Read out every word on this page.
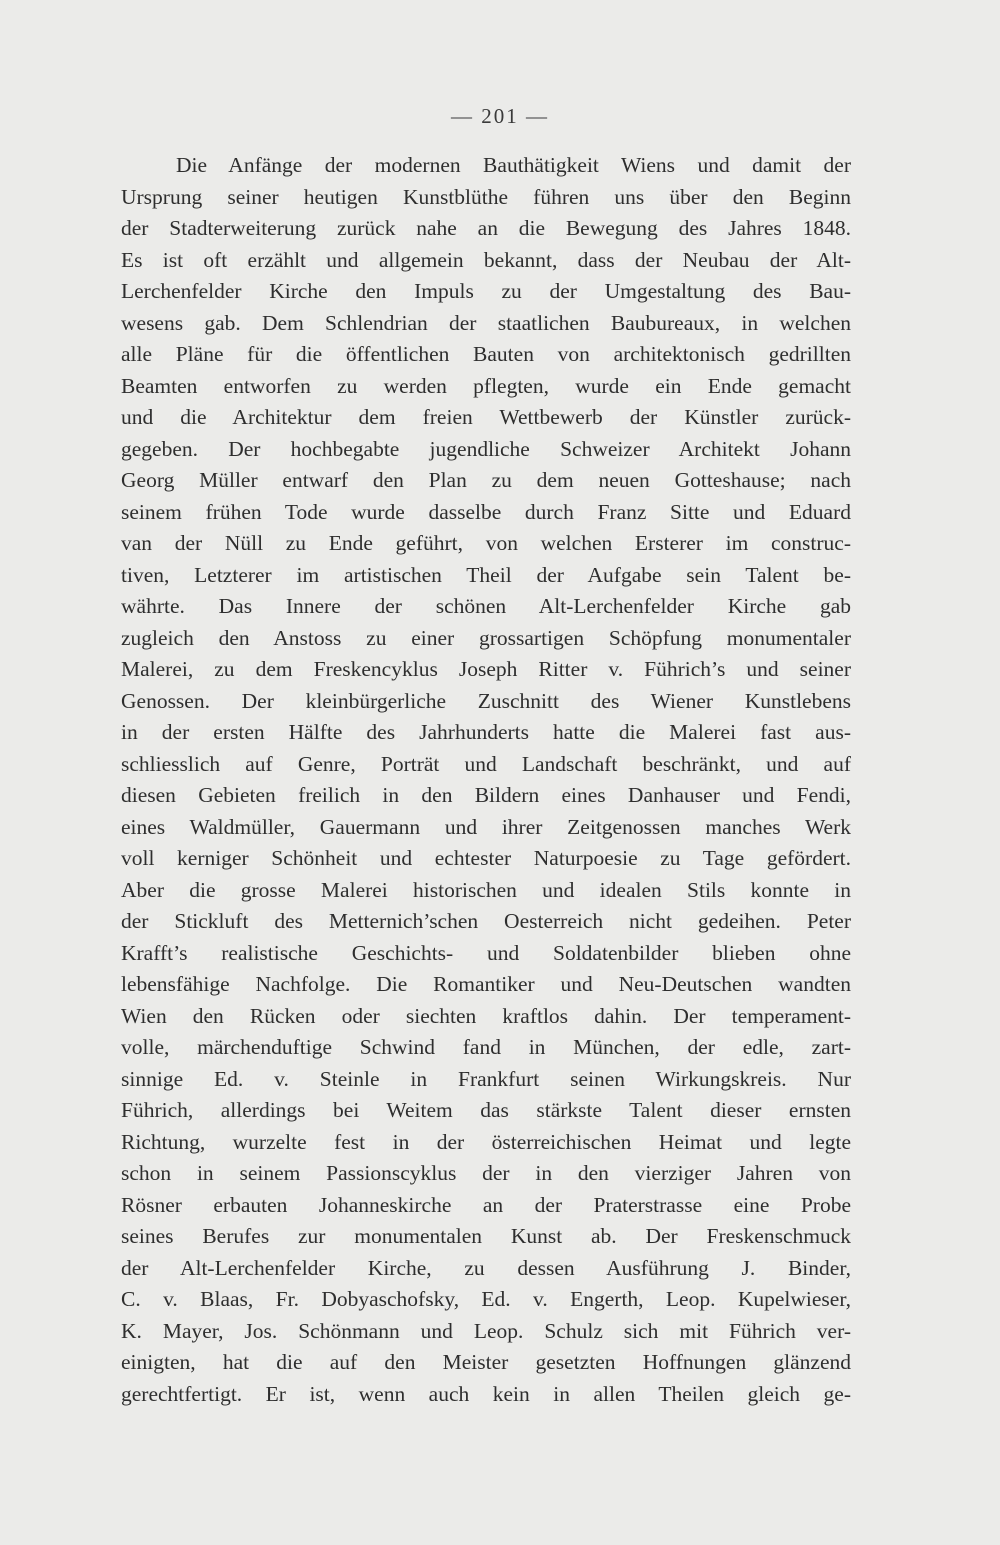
— 201 —
Die Anfänge der modernen Bauthätigkeit Wiens und damit der
Ursprung seiner heutigen Kunstblüthe führen uns über den Beginn
der Stadterweiterung zurück nahe an die Bewegung des Jahres 1848.
Es ist oft erzählt und allgemein bekannt, dass der Neubau der Alt-
Lerchenfelder Kirche den Impuls zu der Umgestaltung des Bau-
wesens gab. Dem Schlendrian der staatlichen Baubureaux, in welchen
alle Pläne für die öffentlichen Bauten von architektonisch gedrillten
Beamten entworfen zu werden pflegten, wurde ein Ende gemacht
und die Architektur dem freien Wettbewerb der Künstler zurück-
gegeben. Der hochbegabte jugendliche Schweizer Architekt Johann
Georg Müller entwarf den Plan zu dem neuen Gotteshause; nach
seinem frühen Tode wurde dasselbe durch Franz Sitte und Eduard
van der Nüll zu Ende geführt, von welchen Ersterer im construc-
tiven, Letzterer im artistischen Theil der Aufgabe sein Talent be-
währte. Das Innere der schönen Alt-Lerchenfelder Kirche gab
zugleich den Anstoss zu einer grossartigen Schöpfung monumentaler
Malerei, zu dem Freskencyklus Joseph Ritter v. Führich’s und seiner
Genossen. Der kleinbürgerliche Zuschnitt des Wiener Kunstlebens
in der ersten Hälfte des Jahrhunderts hatte die Malerei fast aus-
schliesslich auf Genre, Porträt und Landschaft beschränkt, und auf
diesen Gebieten freilich in den Bildern eines Danhauser und Fendi,
eines Waldmüller, Gauermann und ihrer Zeitgenossen manches Werk
voll kerniger Schönheit und echtester Naturpoesie zu Tage gefördert.
Aber die grosse Malerei historischen und idealen Stils konnte in
der Stickluft des Metternich’schen Oesterreich nicht gedeihen. Peter
Krafft’s realistische Geschichts- und Soldatenbilder blieben ohne
lebensfähige Nachfolge. Die Romantiker und Neu-Deutschen wandten
Wien den Rücken oder siechten kraftlos dahin. Der temperament-
volle, märchenduftige Schwind fand in München, der edle, zart-
sinnige Ed. v. Steinle in Frankfurt seinen Wirkungskreis. Nur
Führich, allerdings bei Weitem das stärkste Talent dieser ernsten
Richtung, wurzelte fest in der österreichischen Heimat und legte
schon in seinem Passionscyklus der in den vierziger Jahren von
Rösner erbauten Johanneskirche an der Praterstrasse eine Probe
seines Berufes zur monumentalen Kunst ab. Der Freskenschmuck
der Alt-Lerchenfelder Kirche, zu dessen Ausführung J. Binder,
C. v. Blaas, Fr. Dobyaschofsky, Ed. v. Engerth, Leop. Kupelwieser,
K. Mayer, Jos. Schönmann und Leop. Schulz sich mit Führich ver-
einigten, hat die auf den Meister gesetzten Hoffnungen glänzend
gerechtfertigt. Er ist, wenn auch kein in allen Theilen gleich ge-
